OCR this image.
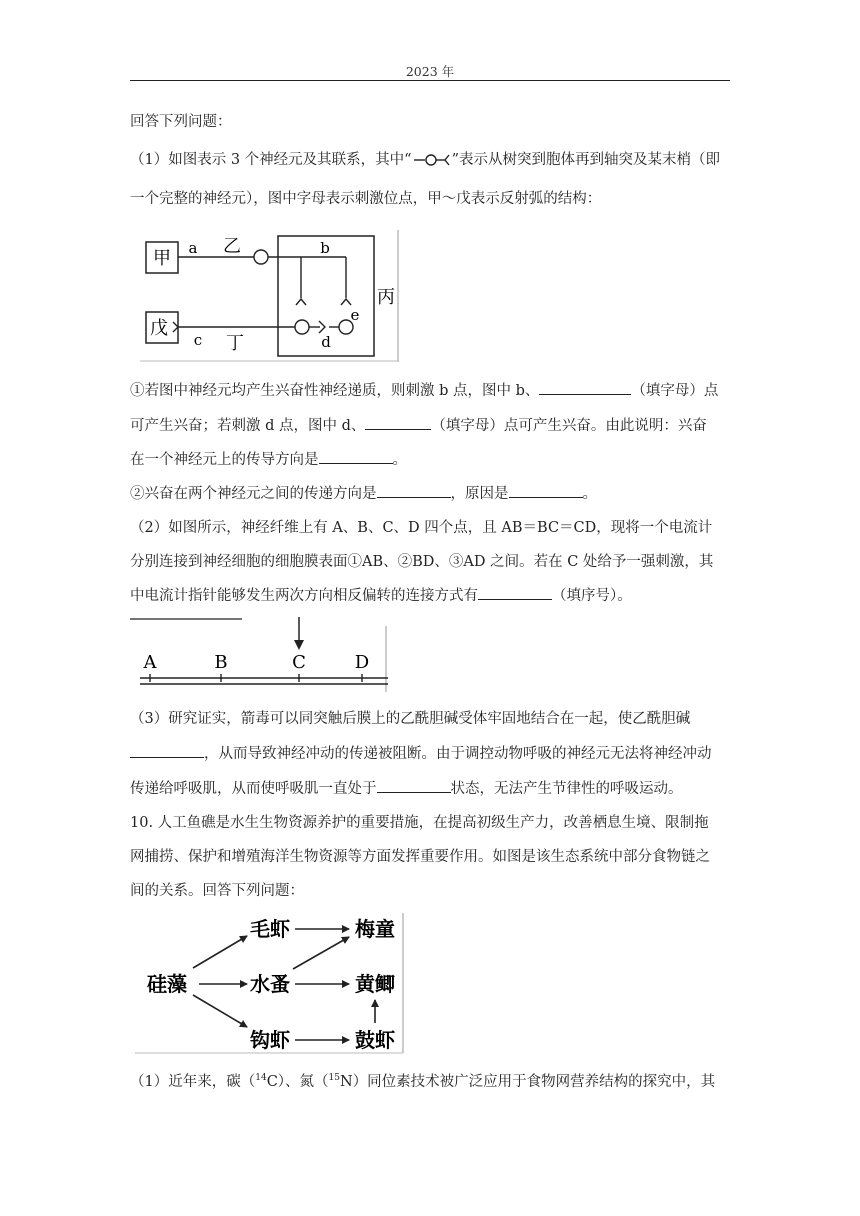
2023 年

回答下列问题：

（1）如图表示 3 个神经元及其联系，其中“	”表示从树突到胞体再到轴突及某末梢（即

一个完整的神经元），图中字母表示刺激位点，甲～戊表示反射弧的结构：

甲
戊
丙
a 乙	b
c 丁	d
e

①若图中神经元均产生兴奋性神经递质，则刺激 b 点，图中 b、	（填字母）点

可产生兴奋；若刺激 d 点，图中 d、	（填字母）点可产生兴奋。由此说明：兴奋

在一个神经元上的传导方向是	。

②兴奋在两个神经元之间的传递方向是	，原因是	。

（2）如图所示，神经纤维上有 A、B、C、D 四个点，且 AB＝BC＝CD，现将一个电流计

分别连接到神经细胞的细胞膜表面①AB、②BD、③AD 之间。若在 C 处给予一强刺激，其

中电流计指针能够发生两次方向相反偏转的连接方式有	（填序号）。

A	B	C	D

（3）研究证实，箭毒可以同突触后膜上的乙酰胆碱受体牢固地结合在一起，使乙酰胆碱

，从而导致神经冲动的传递被阻断。由于调控动物呼吸的神经元无法将神经冲动

传递给呼吸肌，从而使呼吸肌一直处于	状态，无法产生节律性的呼吸运动。

10. 人工鱼礁是水生生物资源养护的重要措施，在提高初级生产力，改善栖息生境、限制拖

网捕捞、保护和增殖海洋生物资源等方面发挥重要作用。如图是该生态系统中部分食物链之

间的关系。回答下列问题：

硅藻
毛虾
水蚤
钩虾
梅童
黄鲫
鼓虾

（1）近年来，碳（$^{14}$C）、氮（$^{15}$N）同位素技术被广泛应用于食物网营养结构的探究中，其
